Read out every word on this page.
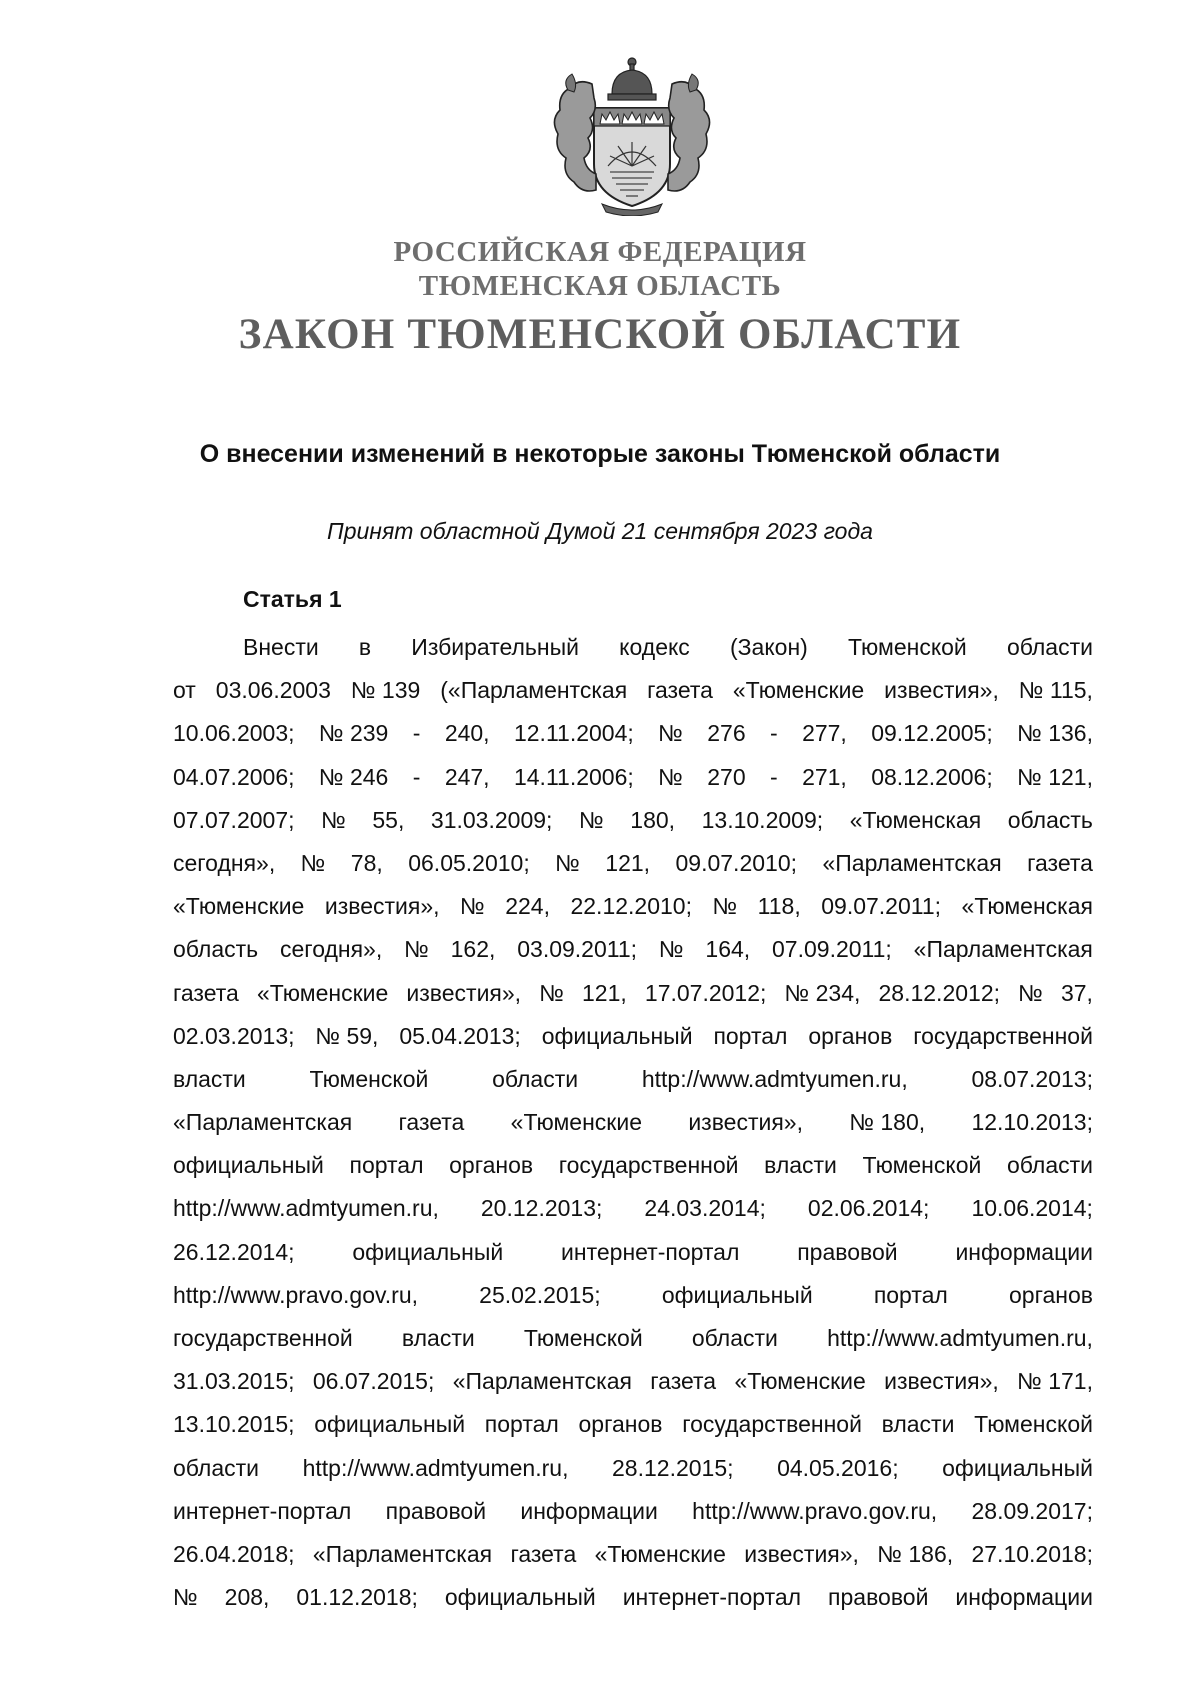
РОССИЙСКАЯ ФЕДЕРАЦИЯ
ТЮМЕНСКАЯ ОБЛАСТЬ
ЗАКОН ТЮМЕНСКОЙ ОБЛАСТИ
О внесении изменений в некоторые законы Тюменской области
Принят областной Думой 21 сентября 2023 года
Статья 1
Внести в Избирательный кодекс (Закон) Тюменской области
от 03.06.2003 № 139 («Парламентская газета «Тюменские известия», № 115,
10.06.2003; № 239 - 240, 12.11.2004; № 276 - 277, 09.12.2005; № 136,
04.07.2006; № 246 - 247, 14.11.2006; № 270 - 271, 08.12.2006; № 121,
07.07.2007; № 55, 31.03.2009; № 180, 13.10.2009; «Тюменская область
сегодня», № 78, 06.05.2010; № 121, 09.07.2010; «Парламентская газета
«Тюменские известия», № 224, 22.12.2010; № 118, 09.07.2011; «Тюменская
область сегодня», № 162, 03.09.2011; № 164, 07.09.2011; «Парламентская
газета «Тюменские известия», № 121, 17.07.2012; № 234, 28.12.2012; № 37,
02.03.2013; № 59, 05.04.2013; официальный портал органов государственной
власти	Тюменской	области	http://www.admtyumen.ru,	08.07.2013;
«Парламентская газета «Тюменские известия», № 180, 12.10.2013;
официальный портал органов государственной власти Тюменской области
http://www.admtyumen.ru, 20.12.2013; 24.03.2014; 02.06.2014; 10.06.2014;
26.12.2014;	официальный	интернет-портал	правовой	информации
http://www.pravo.gov.ru,	25.02.2015;	официальный	портал	органов
государственной власти Тюменской области http://www.admtyumen.ru,
31.03.2015; 06.07.2015; «Парламентская газета «Тюменские известия», № 171,
13.10.2015; официальный портал органов государственной власти Тюменской
области http://www.admtyumen.ru, 28.12.2015; 04.05.2016; официальный
интернет-портал правовой информации http://www.pravo.gov.ru, 28.09.2017;
26.04.2018; «Парламентская газета «Тюменские известия», № 186, 27.10.2018;
№ 208, 01.12.2018; официальный интернет-портал правовой информации
